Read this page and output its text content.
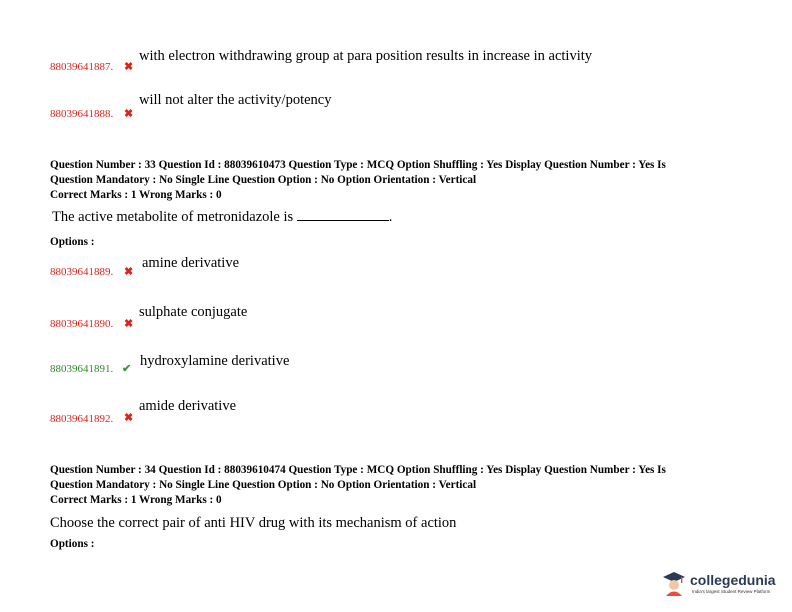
88039641887. ✖
with electron withdrawing group at para position results in increase in activity
88039641888. ✖
will not alter the activity/potency
Question Number : 33 Question Id : 88039610473 Question Type : MCQ Option Shuffling : Yes Display Question Number : Yes Is
Question Mandatory : No Single Line Question Option : No Option Orientation : Vertical
Correct Marks : 1 Wrong Marks : 0
The active metabolite of metronidazole is	.
Options :
88039641889. ✖
amine derivative
88039641890. ✖
sulphate conjugate
88039641891. ✔ hydroxylamine derivative
88039641892. ✖
amide derivative
Question Number : 34 Question Id : 88039610474 Question Type : MCQ Option Shuffling : Yes Display Question Number : Yes Is
Question Mandatory : No Single Line Question Option : No Option Orientation : Vertical
Correct Marks : 1 Wrong Marks : 0
Choose the correct pair of anti HIV drug with its mechanism of action
Options :
collegedunia
India's largest Student Review Platform
